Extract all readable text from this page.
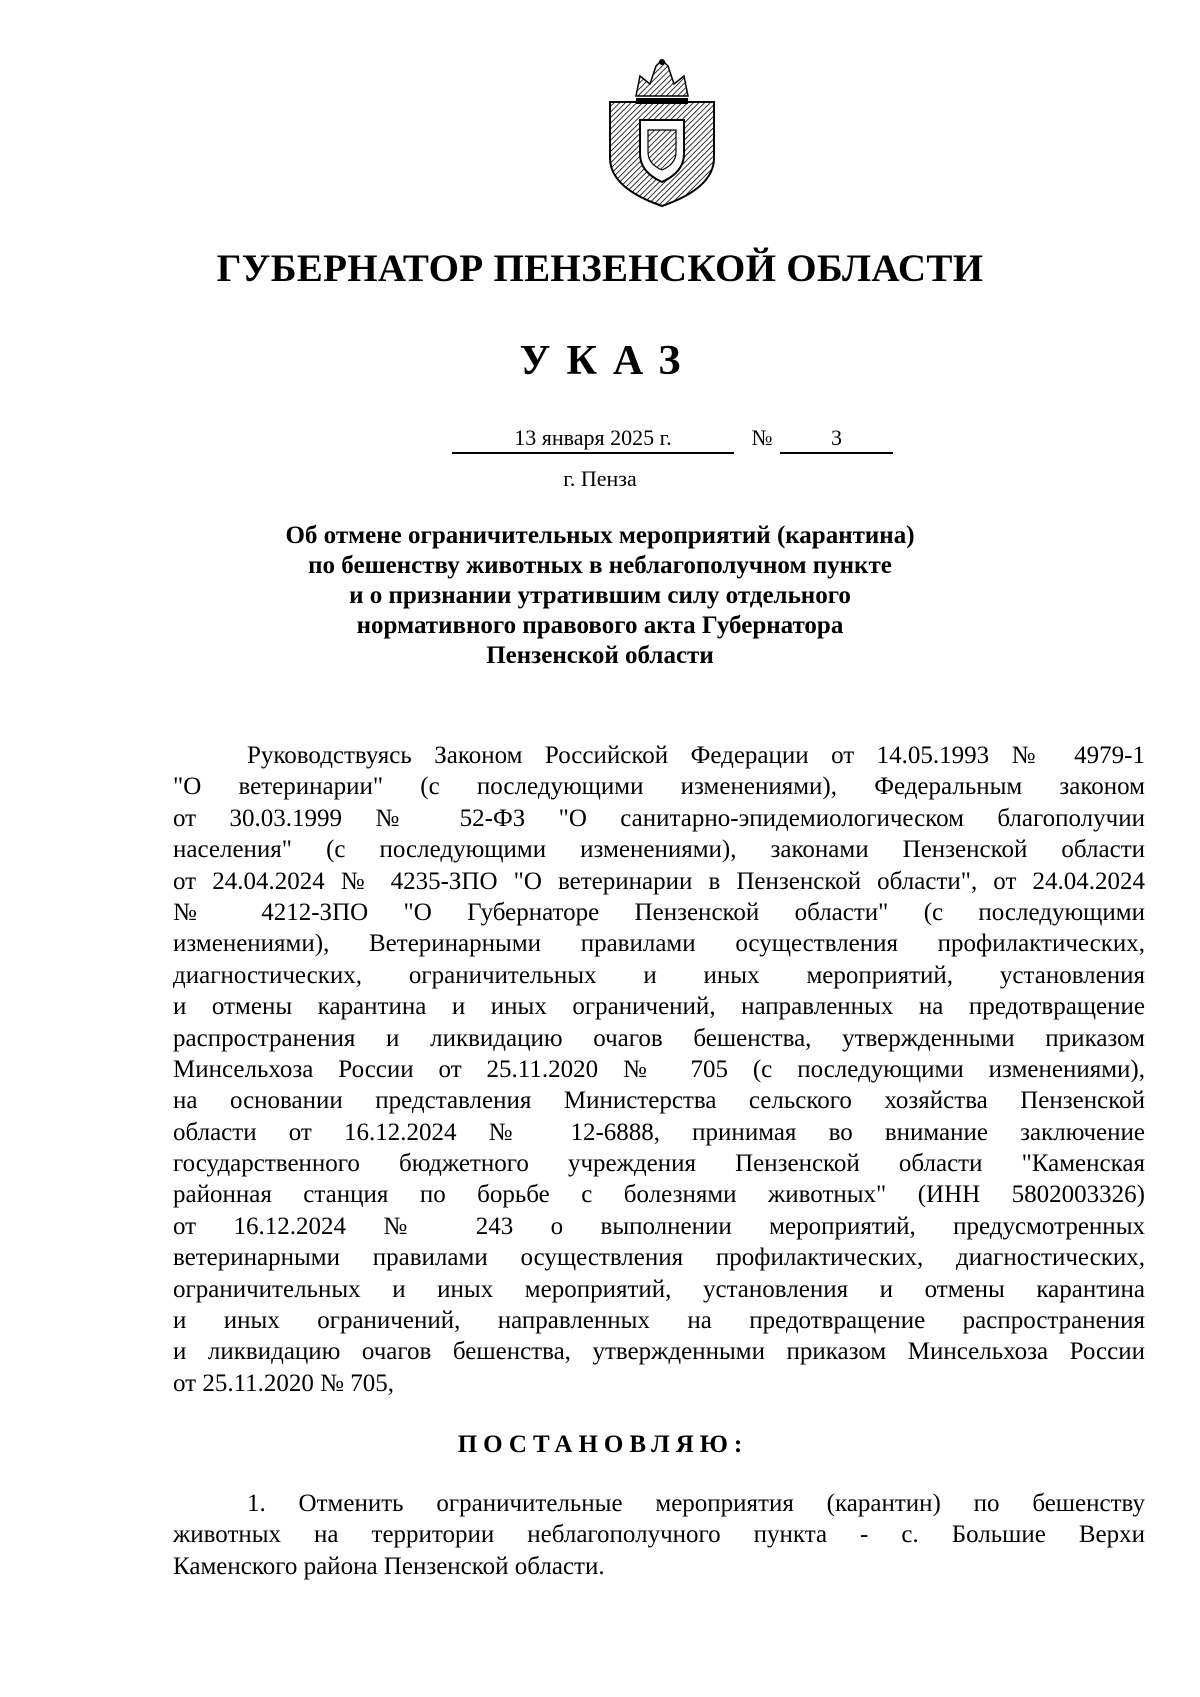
ГУБЕРНАТОР ПЕНЗЕНСКОЙ ОБЛАСТИ
УКАЗ
13 января 2025 г.	№	3
г. Пенза
Об отмене ограничительных мероприятий (карантина)
по бешенству животных в неблагополучном пункте
и о признании утратившим силу отдельного
нормативного правового акта Губернатора
Пензенской области
Руководствуясь Законом Российской Федерации от 14.05.1993 № 4979-1
"О ветеринарии" (с последующими изменениями), Федеральным законом
от 30.03.1999 № 52-ФЗ "О санитарно-эпидемиологическом благополучии
населения" (с последующими изменениями), законами Пензенской области
от 24.04.2024 № 4235-ЗПО "О ветеринарии в Пензенской области", от 24.04.2024
№ 4212-ЗПО "О Губернаторе Пензенской области" (с последующими
изменениями), Ветеринарными правилами осуществления профилактических,
диагностических, ограничительных и иных мероприятий, установления
и отмены карантина и иных ограничений, направленных на предотвращение
распространения и ликвидацию очагов бешенства, утвержденными приказом
Минсельхоза России от 25.11.2020 № 705 (с последующими изменениями),
на основании представления Министерства сельского хозяйства Пензенской
области от 16.12.2024 № 12-6888, принимая во внимание заключение
государственного бюджетного учреждения Пензенской области "Каменская
районная станция по борьбе с болезнями животных" (ИНН 5802003326)
от 16.12.2024 № 243 о выполнении мероприятий, предусмотренных
ветеринарными правилами осуществления профилактических, диагностических,
ограничительных и иных мероприятий, установления и отмены карантина
и иных ограничений, направленных на предотвращение распространения
и ликвидацию очагов бешенства, утвержденными приказом Минсельхоза России
от 25.11.2020 № 705,
ПОСТАНОВЛЯЮ:
1. Отменить ограничительные мероприятия (карантин) по бешенству
животных на территории неблагополучного пункта - с. Большие Верхи
Каменского района Пензенской области.
